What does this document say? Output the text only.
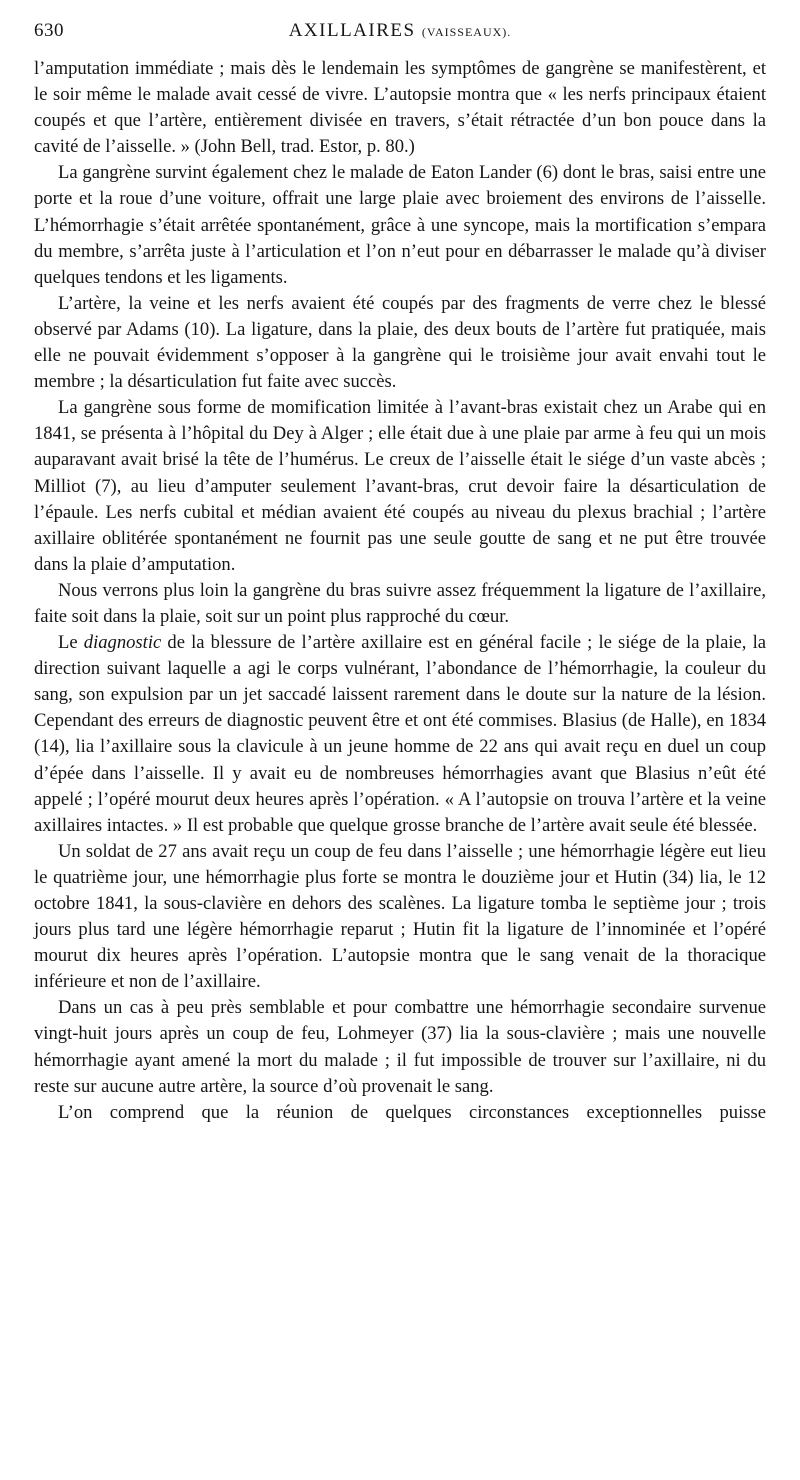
630	AXILLAIRES (VAISSEAUX).

l’amputation immédiate ; mais dès le lendemain les symptômes de gangrène se manifestèrent, et le soir même le malade avait cessé de vivre. L’autopsie montra que « les nerfs principaux étaient coupés et que l’artère, entièrement divisée en travers, s’était rétractée d’un bon pouce dans la cavité de l’aisselle. » (John Bell, trad. Estor, p. 80.)

La gangrène survint également chez le malade de Eaton Lander (6) dont le bras, saisi entre une porte et la roue d’une voiture, offrait une large plaie avec broiement des environs de l’aisselle. L’hémorrhagie s’était arrêtée spontanément, grâce à une syncope, mais la mortification s’empara du membre, s’arrêta juste à l’articulation et l’on n’eut pour en débarrasser le malade qu’à diviser quelques tendons et les ligaments.

L’artère, la veine et les nerfs avaient été coupés par des fragments de verre chez le blessé observé par Adams (10). La ligature, dans la plaie, des deux bouts de l’artère fut pratiquée, mais elle ne pouvait évidemment s’opposer à la gangrène qui le troisième jour avait envahi tout le membre ; la désarticulation fut faite avec succès.

La gangrène sous forme de momification limitée à l’avant-bras existait chez un Arabe qui en 1841, se présenta à l’hôpital du Dey à Alger ; elle était due à une plaie par arme à feu qui un mois auparavant avait brisé la tête de l’humérus. Le creux de l’aisselle était le siége d’un vaste abcès ; Milliot (7), au lieu d’amputer seulement l’avant-bras, crut devoir faire la désarticulation de l’épaule. Les nerfs cubital et médian avaient été coupés au niveau du plexus brachial ; l’artère axillaire oblitérée spontanément ne fournit pas une seule goutte de sang et ne put être trouvée dans la plaie d’amputation.

Nous verrons plus loin la gangrène du bras suivre assez fréquemment la ligature de l’axillaire, faite soit dans la plaie, soit sur un point plus rapproché du cœur.

Le diagnostic de la blessure de l’artère axillaire est en général facile ; le siége de la plaie, la direction suivant laquelle a agi le corps vulnérant, l’abondance de l’hémorrhagie, la couleur du sang, son expulsion par un jet saccadé laissent rarement dans le doute sur la nature de la lésion. Cependant des erreurs de diagnostic peuvent être et ont été commises. Blasius (de Halle), en 1834 (14), lia l’axillaire sous la clavicule à un jeune homme de 22 ans qui avait reçu en duel un coup d’épée dans l’aisselle. Il y avait eu de nombreuses hémorrhagies avant que Blasius n’eût été appelé ; l’opéré mourut deux heures après l’opération. « A l’autopsie on trouva l’artère et la veine axillaires intactes. » Il est probable que quelque grosse branche de l’artère avait seule été blessée.

Un soldat de 27 ans avait reçu un coup de feu dans l’aisselle ; une hémorrhagie légère eut lieu le quatrième jour, une hémorrhagie plus forte se montra le douzième jour et Hutin (34) lia, le 12 octobre 1841, la sous-clavière en dehors des scalènes. La ligature tomba le septième jour ; trois jours plus tard une légère hémorrhagie reparut ; Hutin fit la ligature de l’innominée et l’opéré mourut dix heures après l’opération. L’autopsie montra que le sang venait de la thoracique inférieure et non de l’axillaire.

Dans un cas à peu près semblable et pour combattre une hémorrhagie secondaire survenue vingt-huit jours après un coup de feu, Lohmeyer (37) lia la sous-clavière ; mais une nouvelle hémorrhagie ayant amené la mort du malade ; il fut impossible de trouver sur l’axillaire, ni du reste sur aucune autre artère, la source d’où provenait le sang.

L’on comprend que la réunion de quelques circonstances exceptionnelles puisse
